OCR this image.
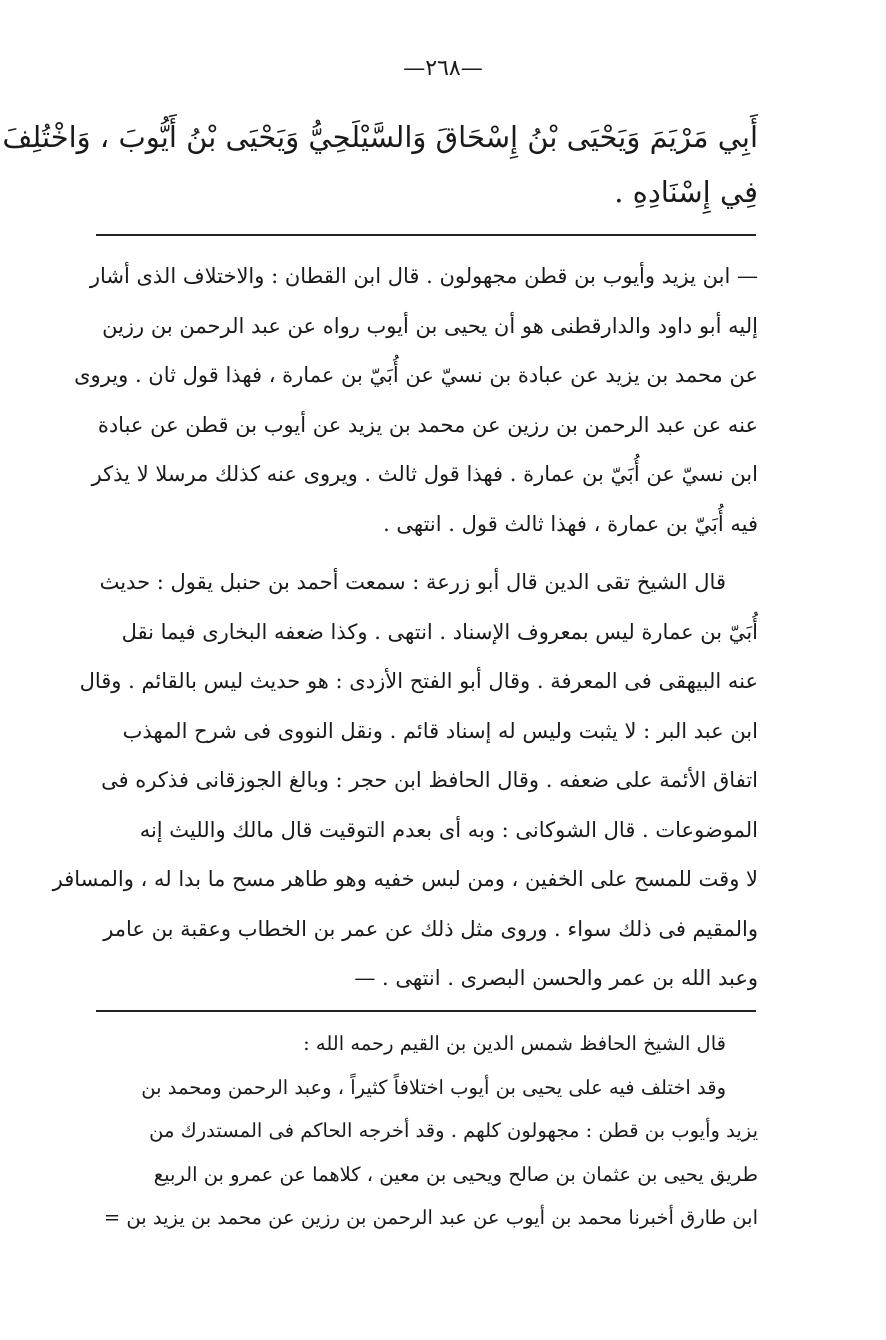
—٢٦٨—
أَبِي مَرْيَمَ وَيَحْيَى بْنُ إِسْحَاقَ وَالسَّيْلَحِيُّ وَيَحْيَى بْنُ أَيُّوبَ ، وَاخْتُلِفَ
فِي إِسْنَادِهِ .
— ابن يزيد وأيوب بن قطن مجهولون . قال ابن القطان : والاختلاف الذى أشار
إليه أبو داود والدارقطنى هو أن يحيى بن أيوب رواه عن عبد الرحمن بن رزين
عن محمد بن يزيد عن عبادة بن نسيّ عن أُبَيّ بن عمارة ، فهذا قول ثان . ويروى
عنه عن عبد الرحمن بن رزين عن محمد بن يزيد عن أيوب بن قطن عن عبادة
ابن نسيّ عن أُبَيّ بن عمارة . فهذا قول ثالث . ويروى عنه كذلك مرسلا لا يذكر
فيه أُبَيّ بن عمارة ، فهذا ثالث قول . انتهى .
قال الشيخ تقى الدين قال أبو زرعة : سمعت أحمد بن حنبل يقول : حديث
أُبَيّ بن عمارة ليس بمعروف الإسناد . انتهى . وكذا ضعفه البخارى فيما نقل
عنه البيهقى فى المعرفة . وقال أبو الفتح الأزدى : هو حديث ليس بالقائم . وقال
ابن عبد البر : لا يثبت وليس له إسناد قائم . ونقل النووى فى شرح المهذب
اتفاق الأئمة على ضعفه . وقال الحافظ ابن حجر : وبالغ الجوزقانى فذكره فى
الموضوعات . قال الشوكانى : وبه أى بعدم التوقيت قال مالك والليث إنه
لا وقت للمسح على الخفين ، ومن لبس خفيه وهو طاهر مسح ما بدا له ، والمسافر
والمقيم فى ذلك سواء . وروى مثل ذلك عن عمر بن الخطاب وعقبة بن عامر
وعبد الله بن عمر والحسن البصرى . انتهى . —
قال الشيخ الحافظ شمس الدين بن القيم رحمه الله :
وقد اختلف فيه على يحيى بن أيوب اختلافاً كثيراً ، وعبد الرحمن ومحمد بن
يزيد وأيوب بن قطن : مجهولون كلهم . وقد أخرجه الحاكم فى المستدرك من
طريق يحيى بن عثمان بن صالح ويحيى بن معين ، كلاهما عن عمرو بن الربيع
ابن طارق أخبرنا محمد بن أيوب عن عبد الرحمن بن رزين عن محمد بن يزيد بن =
